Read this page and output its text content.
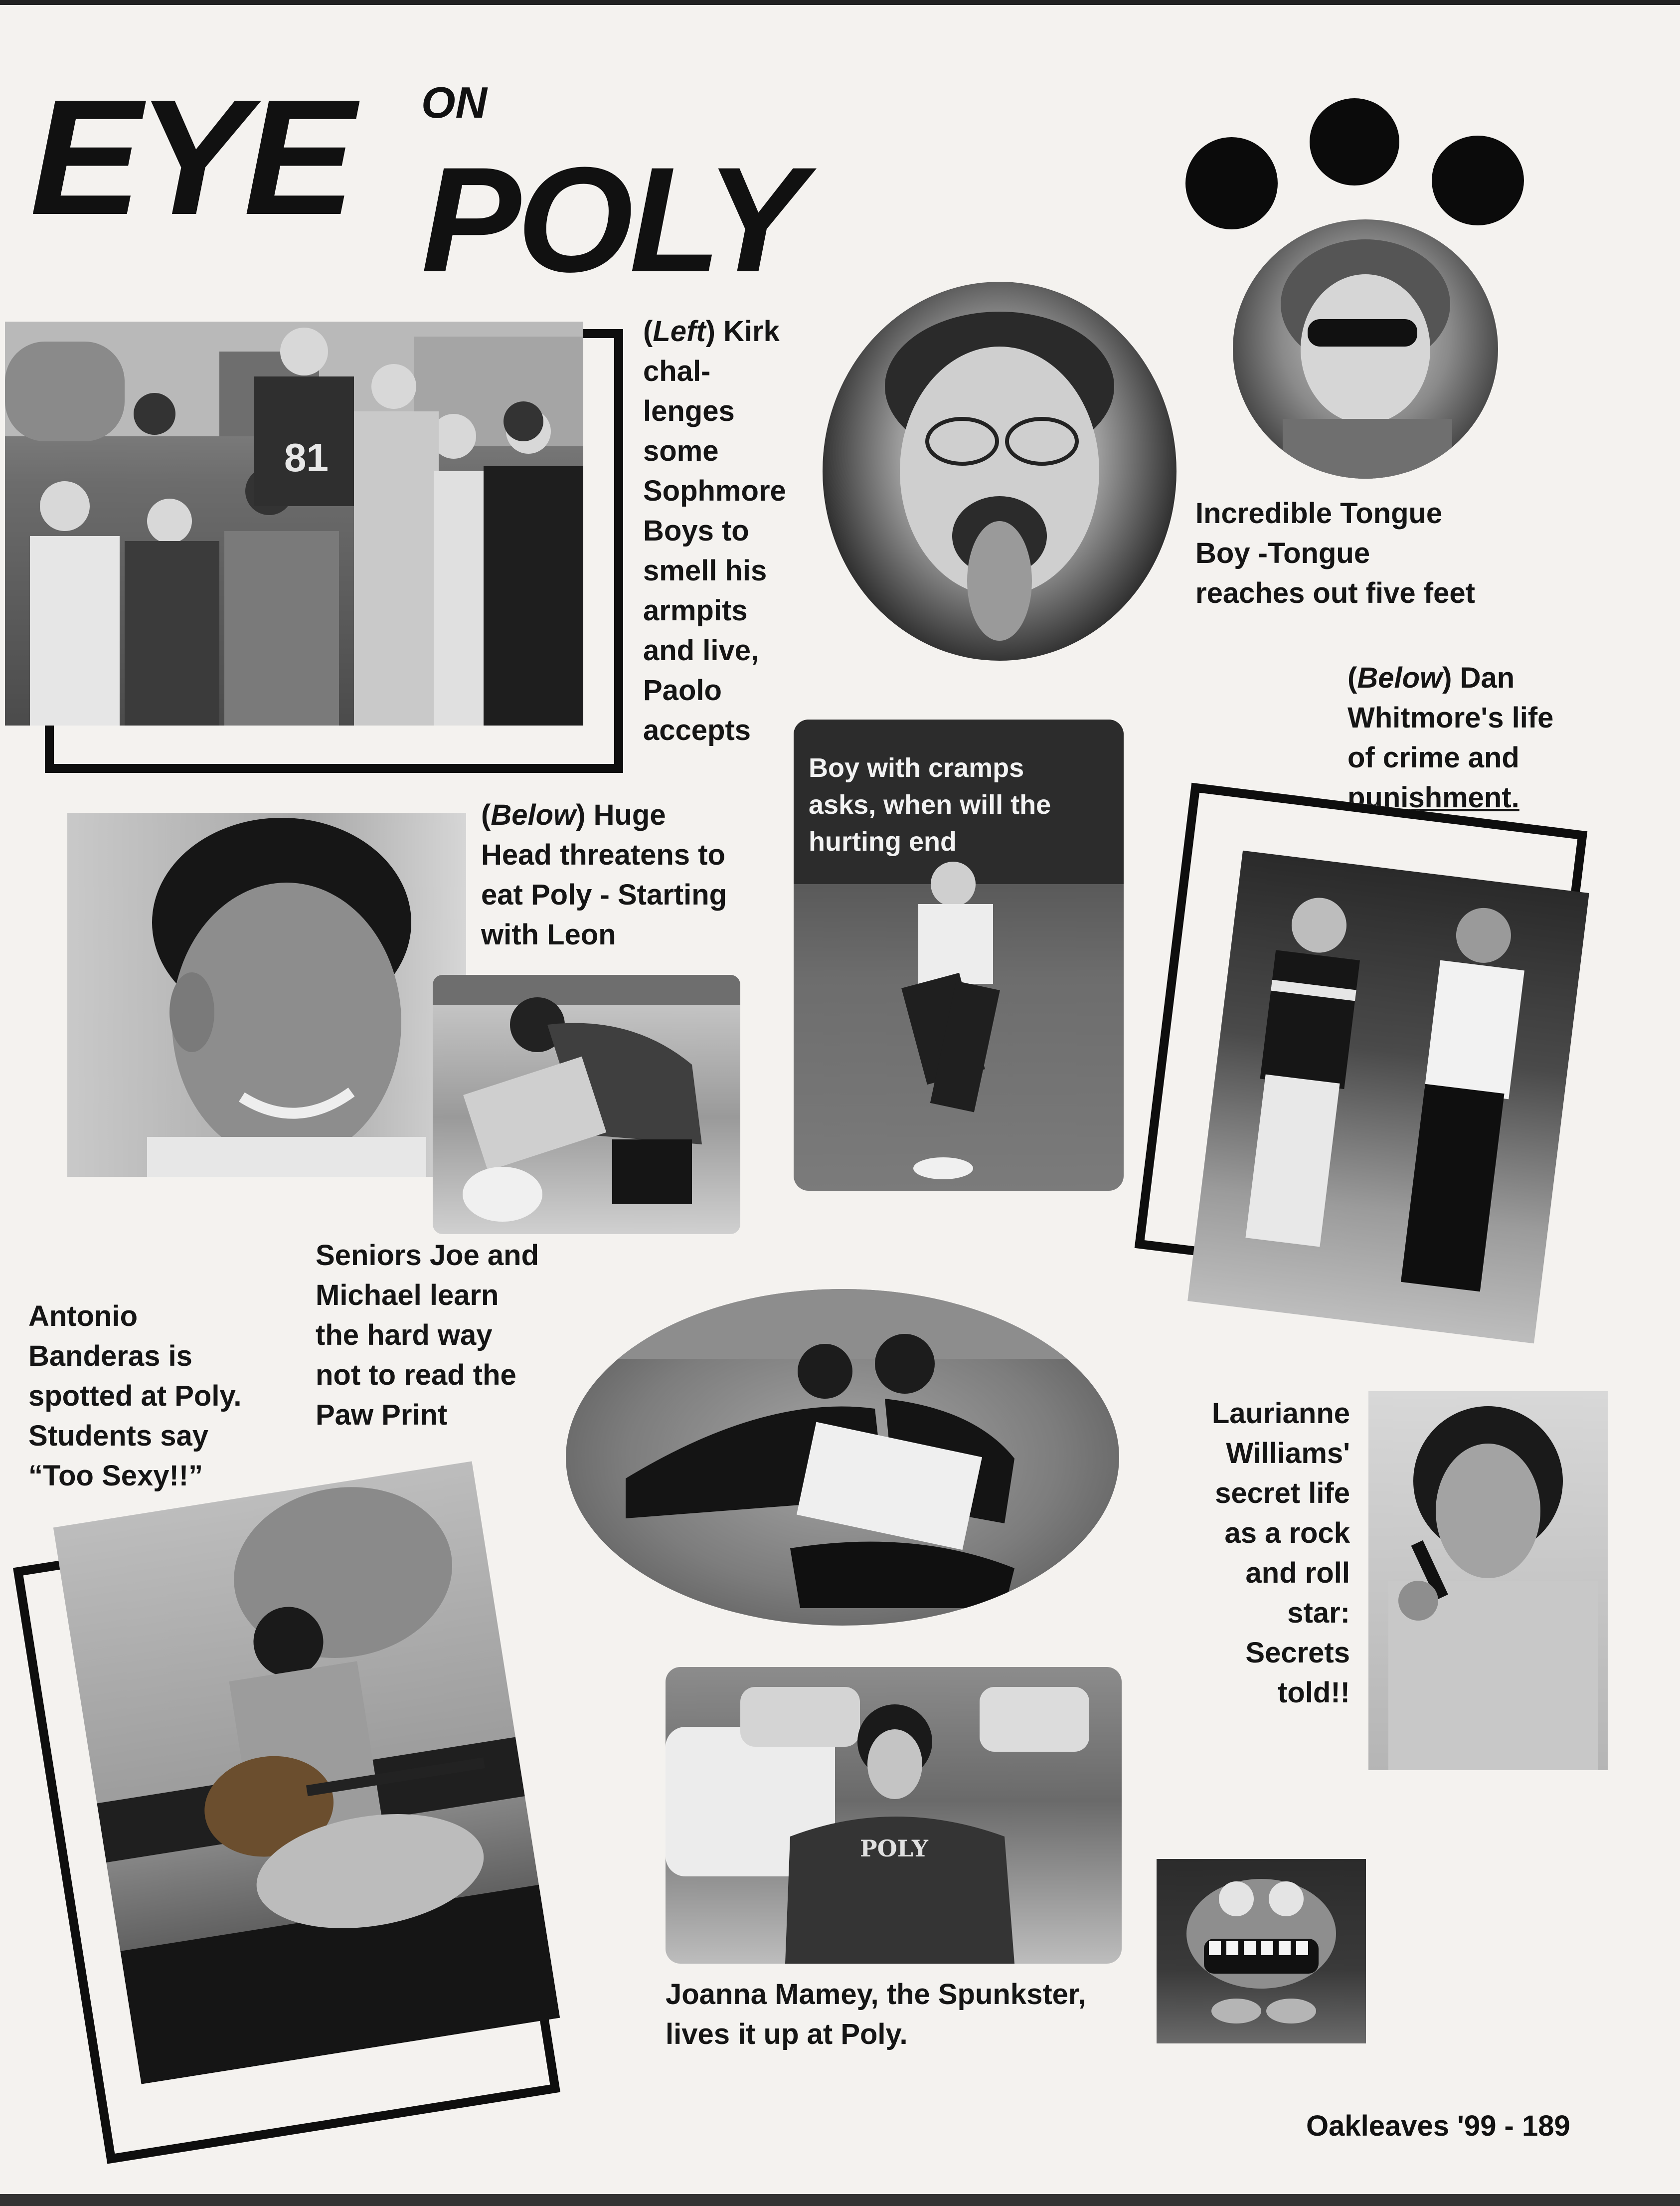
EYE ON
POLY
81
(Left) Kirk
chal-
lenges
some
Sophmore
Boys to
smell his
armpits
and live,
Paolo
accepts
Incredible Tongue
Boy -Tongue
reaches out five feet
(Below) Dan
Whitmore's life
of crime and
punishment.
Boy with cramps
asks, when will the
hurting end
(Below) Huge
Head threatens to
eat Poly - Starting
with Leon
Seniors Joe and
Michael learn
the hard way
not to read the
Paw Print
Antonio
Banderas is
spotted at Poly.
Students say
“Too Sexy!!”
Laurianne
Williams'
secret life
as a rock
and roll
star:
Secrets
told!!
POLY
Joanna Mamey, the Spunkster,
lives it up at Poly.
Oakleaves '99 - 189
